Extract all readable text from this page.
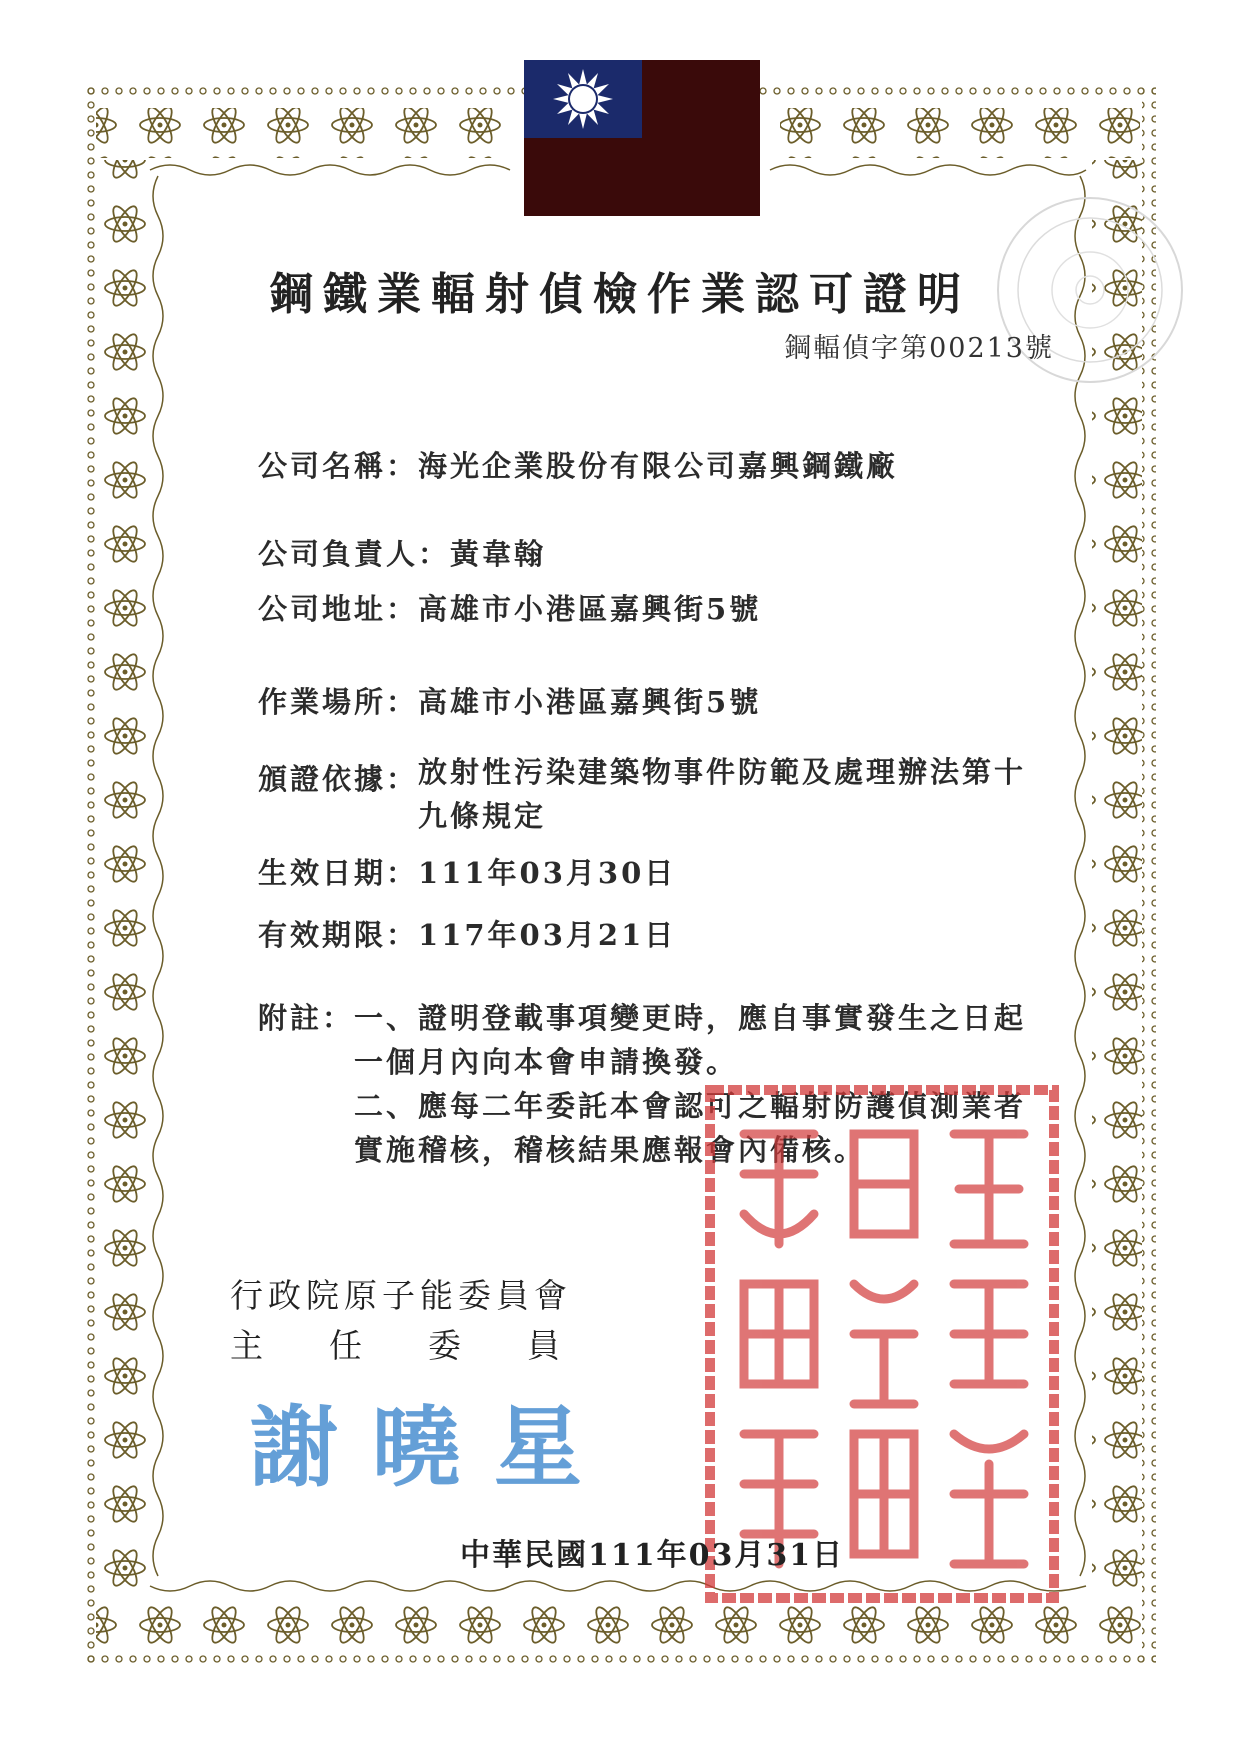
鋼鐵業輻射偵檢作業認可證明
鋼輻偵字第00213號
公司名稱： 海光企業股份有限公司嘉興鋼鐵廠
公司負責人： 黃韋翰
公司地址： 高雄市小港區嘉興街5號
作業場所： 高雄市小港區嘉興街5號
頒證依據： 放射性污染建築物事件防範及處理辦法第十九條規定
生效日期： 111年03月30日
有效期限： 117年03月21日
附註： 一、證明登載事項變更時，應自事實發生之日起一個月內向本會申請換發。
二、應每二年委託本會認可之輻射防護偵測業者實施稽核，稽核結果應報會內備核。
行政院原子能委員會
主 任 委 員
謝曉星
中華民國111年03月31日
